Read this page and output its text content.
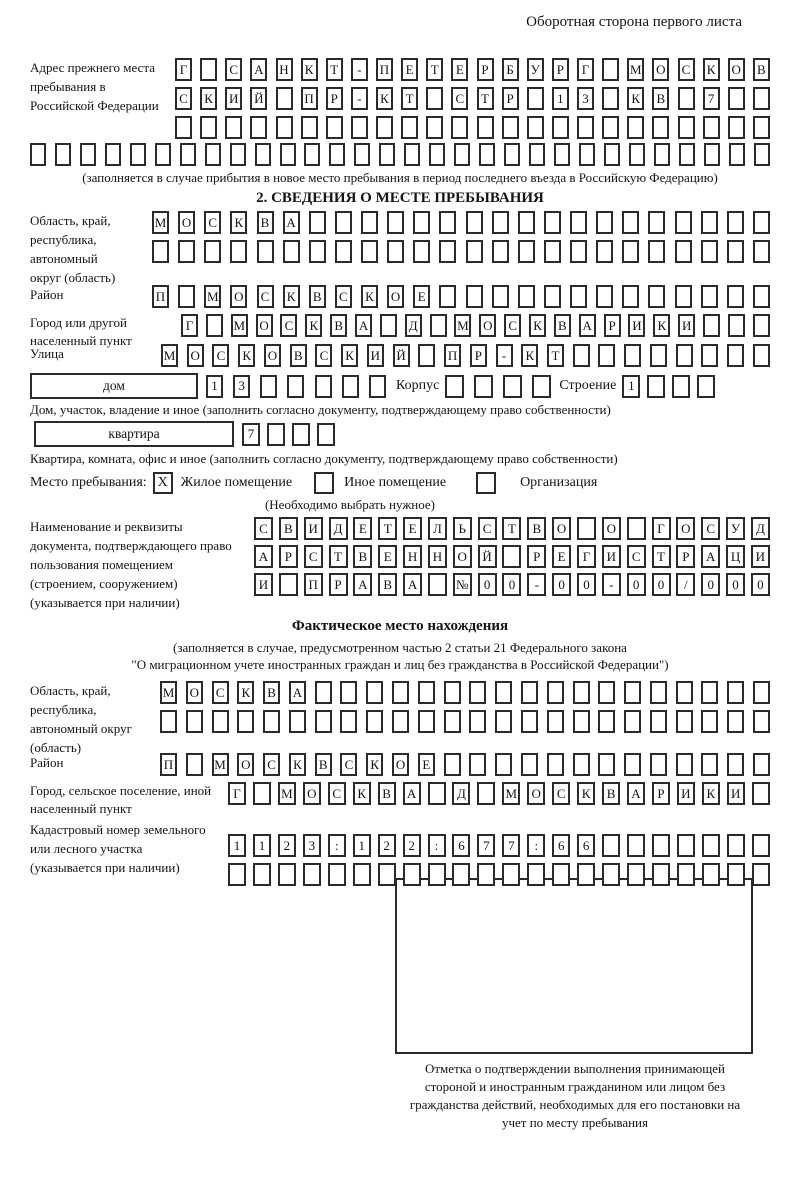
Оборотная сторона первого листа
Адрес прежнего места пребывания в Российской Федерации
Г	С	А Н	К	Т	-	П	Е	Т	Е	Р	Б	У	Р	Г	М О	С	К	О	В
С	К	И Й	П	Р	-	К	Т	С	Т	Р	1	3	К	В	7
(заполняется в случае прибытия в новое место пребывания в период последнего въезда в Российскую Федерацию)
2. СВЕДЕНИЯ О МЕСТЕ ПРЕБЫВАНИЯ
Область, край, республика, автономный округ (область)
М О	С	К	В	А
Район	П	М О	С	К	В	С	К	О	Е
Город или другой населенный пункт
Г	М О	С	К	В	А	Д	М О	С	К	В	А	Р	И	К	И
Улица	М О	С	К	О	В	С	К	И Й	П	Р	-	К	Т
дом	1	3	Корпус	Строение 1
Дом, участок, владение и иное (заполнить согласно документу, подтверждающему право собственности)
квартира	7
Квартира, комната, офис и иное (заполнить согласно документу, подтверждающему право собственности)
Место пребывания: X Жилое помещение	Иное помещение	Организация
(Необходимо выбрать нужное)
Наименование и реквизиты документа, подтверждающего право пользования помещением (строением, сооружением) (указывается при наличии)
С	В	И	Д	Е	Т	Е	Л	Ь	С	Т	В	О	О	Г	О	С	У	Д
А	Р	С	Т	В	Е	Н	Н	О	Й	Р	Е	Г	И	С	Т	Р	А	Ц	И
И	П	Р	А	В	А	№	0	0	-	0	0	-	0	0	/	0	0	0
Фактическое место нахождения
(заполняется в случае, предусмотренном частью 2 статьи 21 Федерального закона
"О миграционном учете иностранных граждан и лиц без гражданства в Российской Федерации")
Область, край, республика, автономный округ (область)
М О	С	К	В	А
Район	П	М О	С	К	В	С	К	О	Е
Город, сельское поселение, иной населенный пункт
Г	М	О	С	К	В	А	Д	М	О	С	К	В	А	Р	И	К	И
Кадастровый номер земельного или лесного участка (указывается при наличии)
1	1	2	3	:	1	2	2	:	6	7	7	:	6	6
Отметка о подтверждении выполнения принимающей стороной и иностранным гражданином или лицом без гражданства действий, необходимых для его постановки на учет по месту пребывания
